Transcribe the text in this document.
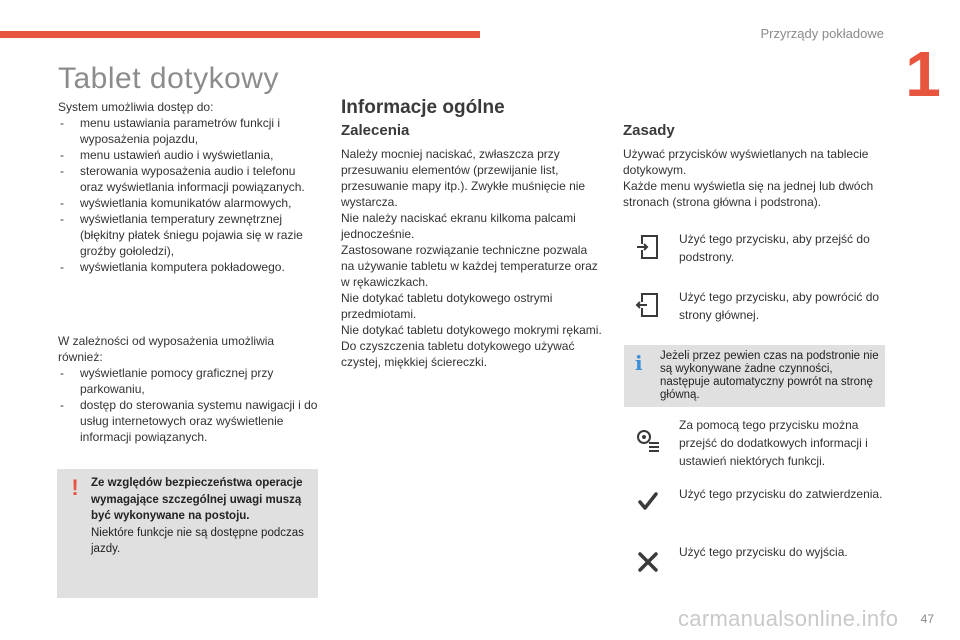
Przyrządy pokładowe
1
Tablet dotykowy
System umożliwia dostęp do:
- menu ustawiania parametrów funkcji i wyposażenia pojazdu,
- menu ustawień audio i wyświetlania,
- sterowania wyposażenia audio i telefonu oraz wyświetlania informacji powiązanych.
- wyświetlania komunikatów alarmowych,
- wyświetlania temperatury zewnętrznej (błękitny płatek śniegu pojawia się w razie groźby gołoledzi),
- wyświetlania komputera pokładowego.
W zależności od wyposażenia umożliwia również:
- wyświetlanie pomocy graficznej przy parkowaniu,
- dostęp do sterowania systemu nawigacji i do usług internetowych oraz wyświetlenie informacji powiązanych.
!	Ze względów bezpieczeństwa operacje wymagające szczególnej uwagi muszą być wykonywane na postoju.
Niektóre funkcje nie są dostępne podczas jazdy.
Informacje ogólne
Zalecenia
Należy mocniej naciskać, zwłaszcza przy przesuwaniu elementów (przewijanie list, przesuwanie mapy itp.). Zwykłe muśnięcie nie wystarcza.
Nie należy naciskać ekranu kilkoma palcami jednocześnie.
Zastosowane rozwiązanie techniczne pozwala na używanie tabletu w każdej temperaturze oraz w rękawiczkach.
Nie dotykać tabletu dotykowego ostrymi przedmiotami.
Nie dotykać tabletu dotykowego mokrymi rękami.
Do czyszczenia tabletu dotykowego używać czystej, miękkiej ściereczki.
Zasady
Używać przycisków wyświetlanych na tablecie dotykowym.
Każde menu wyświetla się na jednej lub dwóch stronach (strona główna i podstrona).
Użyć tego przycisku, aby przejść do podstrony.
Użyć tego przycisku, aby powrócić do strony głównej.
i Jeżeli przez pewien czas na podstronie nie są wykonywane żadne czynności, następuje automatyczny powrót na stronę główną.
Za pomocą tego przycisku można przejść do dodatkowych informacji i ustawień niektórych funkcji.
Użyć tego przycisku do zatwierdzenia.
Użyć tego przycisku do wyjścia.
carmanualsonline.info 47
